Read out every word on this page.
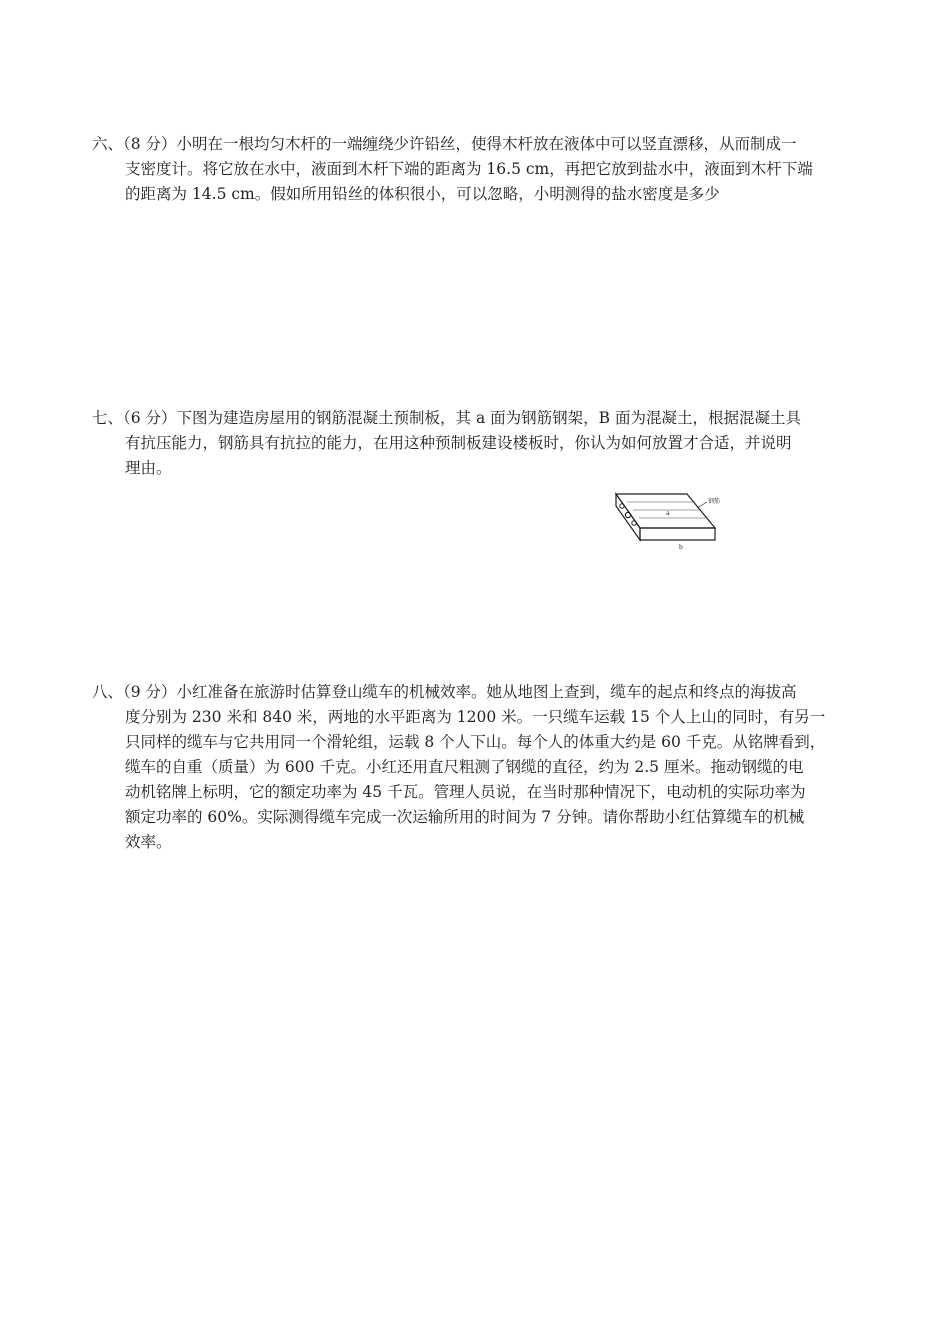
六、（8 分）小明在一根均匀木杆的一端缠绕少许铅丝，使得木杆放在液体中可以竖直漂移，从而制成一
支密度计。将它放在水中，液面到木杆下端的距离为 16.5 cm，再把它放到盐水中，液面到木杆下端
的距离为 14.5 cm。假如所用铅丝的体积很小，可以忽略，小明测得的盐水密度是多少
七、（6 分）下图为建造房屋用的钢筋混凝土预制板，其 a 面为钢筋钢架，B 面为混凝土，根据混凝土具
有抗压能力，钢筋具有抗拉的能力，在用这种预制板建设楼板时，你认为如何放置才合适，并说明
理由。
钢筋
a
b
八、（9 分）小红准备在旅游时估算登山缆车的机械效率。她从地图上查到，缆车的起点和终点的海拔高
度分别为 230 米和 840 米，两地的水平距离为 1200 米。一只缆车运载 15 个人上山的同时，有另一
只同样的缆车与它共用同一个滑轮组，运载 8 个人下山。每个人的体重大约是 60 千克。从铭牌看到，
缆车的自重（质量）为 600 千克。小红还用直尺粗测了钢缆的直径，约为 2.5 厘米。拖动钢缆的电
动机铭牌上标明，它的额定功率为 45 千瓦。管理人员说，在当时那种情况下，电动机的实际功率为
额定功率的 60%。实际测得缆车完成一次运输所用的时间为 7 分钟。请你帮助小红估算缆车的机械
效率。
